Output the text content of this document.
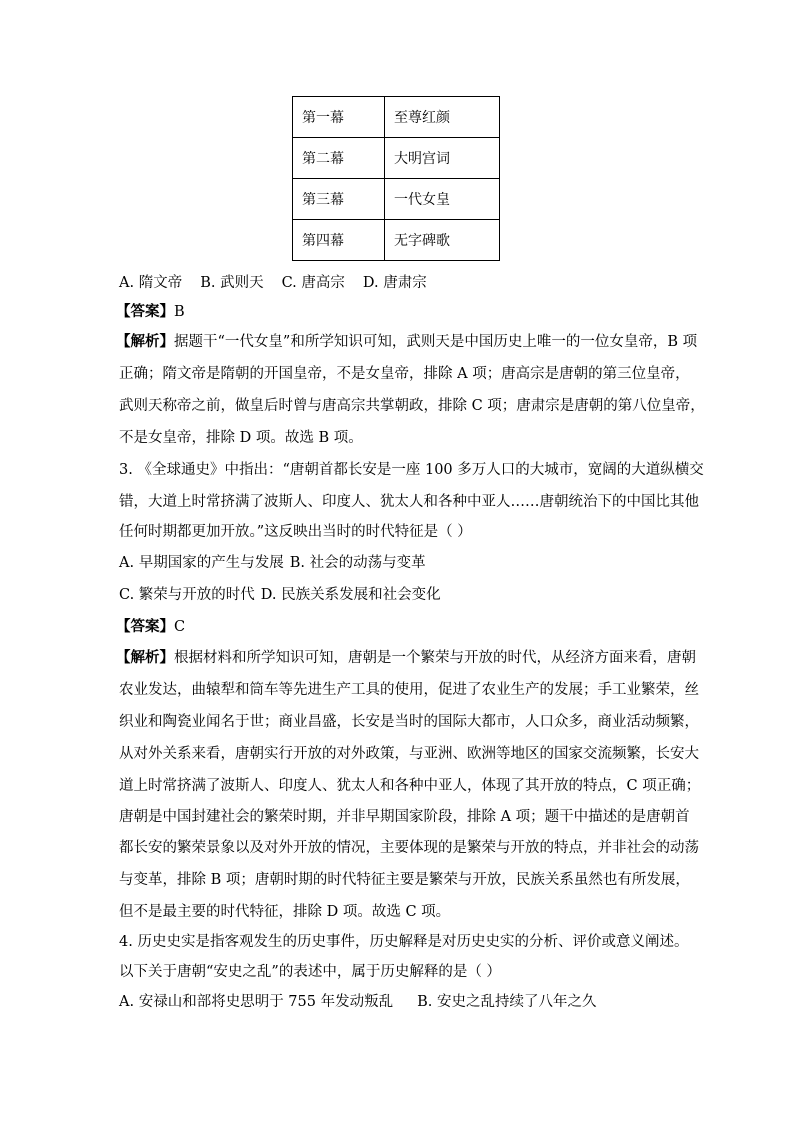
第一幕	至尊红颜
第二幕	大明宫词
第三幕	一代女皇
第四幕	无字碑歌
A. 隋文帝 B. 武则天 C. 唐高宗 D. 唐肃宗
【答案】B
【解析】据题干“一代女皇”和所学知识可知，武则天是中国历史上唯一的一位女皇帝，B 项
正确；隋文帝是隋朝的开国皇帝，不是女皇帝，排除 A 项；唐高宗是唐朝的第三位皇帝，
武则天称帝之前，做皇后时曾与唐高宗共掌朝政，排除 C 项；唐肃宗是唐朝的第八位皇帝，
不是女皇帝，排除 D 项。故选 B 项。
3. 《全球通史》中指出：“唐朝首都长安是一座 100 多万人口的大城市，宽阔的大道纵横交
错，大道上时常挤满了波斯人、印度人、犹太人和各种中亚人……唐朝统治下的中国比其他
任何时期都更加开放。”这反映出当时的时代特征是（ ）
A. 早期国家的产生与发展 B. 社会的动荡与变革
C. 繁荣与开放的时代 D. 民族关系发展和社会变化
【答案】C
【解析】根据材料和所学知识可知，唐朝是一个繁荣与开放的时代，从经济方面来看，唐朝
农业发达，曲辕犁和筒车等先进生产工具的使用，促进了农业生产的发展；手工业繁荣，丝
织业和陶瓷业闻名于世；商业昌盛，长安是当时的国际大都市，人口众多，商业活动频繁，
从对外关系来看，唐朝实行开放的对外政策，与亚洲、欧洲等地区的国家交流频繁，长安大
道上时常挤满了波斯人、印度人、犹太人和各种中亚人，体现了其开放的特点，C 项正确；
唐朝是中国封建社会的繁荣时期，并非早期国家阶段，排除 A 项；题干中描述的是唐朝首
都长安的繁荣景象以及对外开放的情况，主要体现的是繁荣与开放的特点，并非社会的动荡
与变革，排除 B 项；唐朝时期的时代特征主要是繁荣与开放，民族关系虽然也有所发展，
但不是最主要的时代特征，排除 D 项。故选 C 项。
4. 历史史实是指客观发生的历史事件，历史解释是对历史史实的分析、评价或意义阐述。
以下关于唐朝“安史之乱”的表述中，属于历史解释的是（ ）
A. 安禄山和部将史思明于 755 年发动叛乱 B. 安史之乱持续了八年之久
